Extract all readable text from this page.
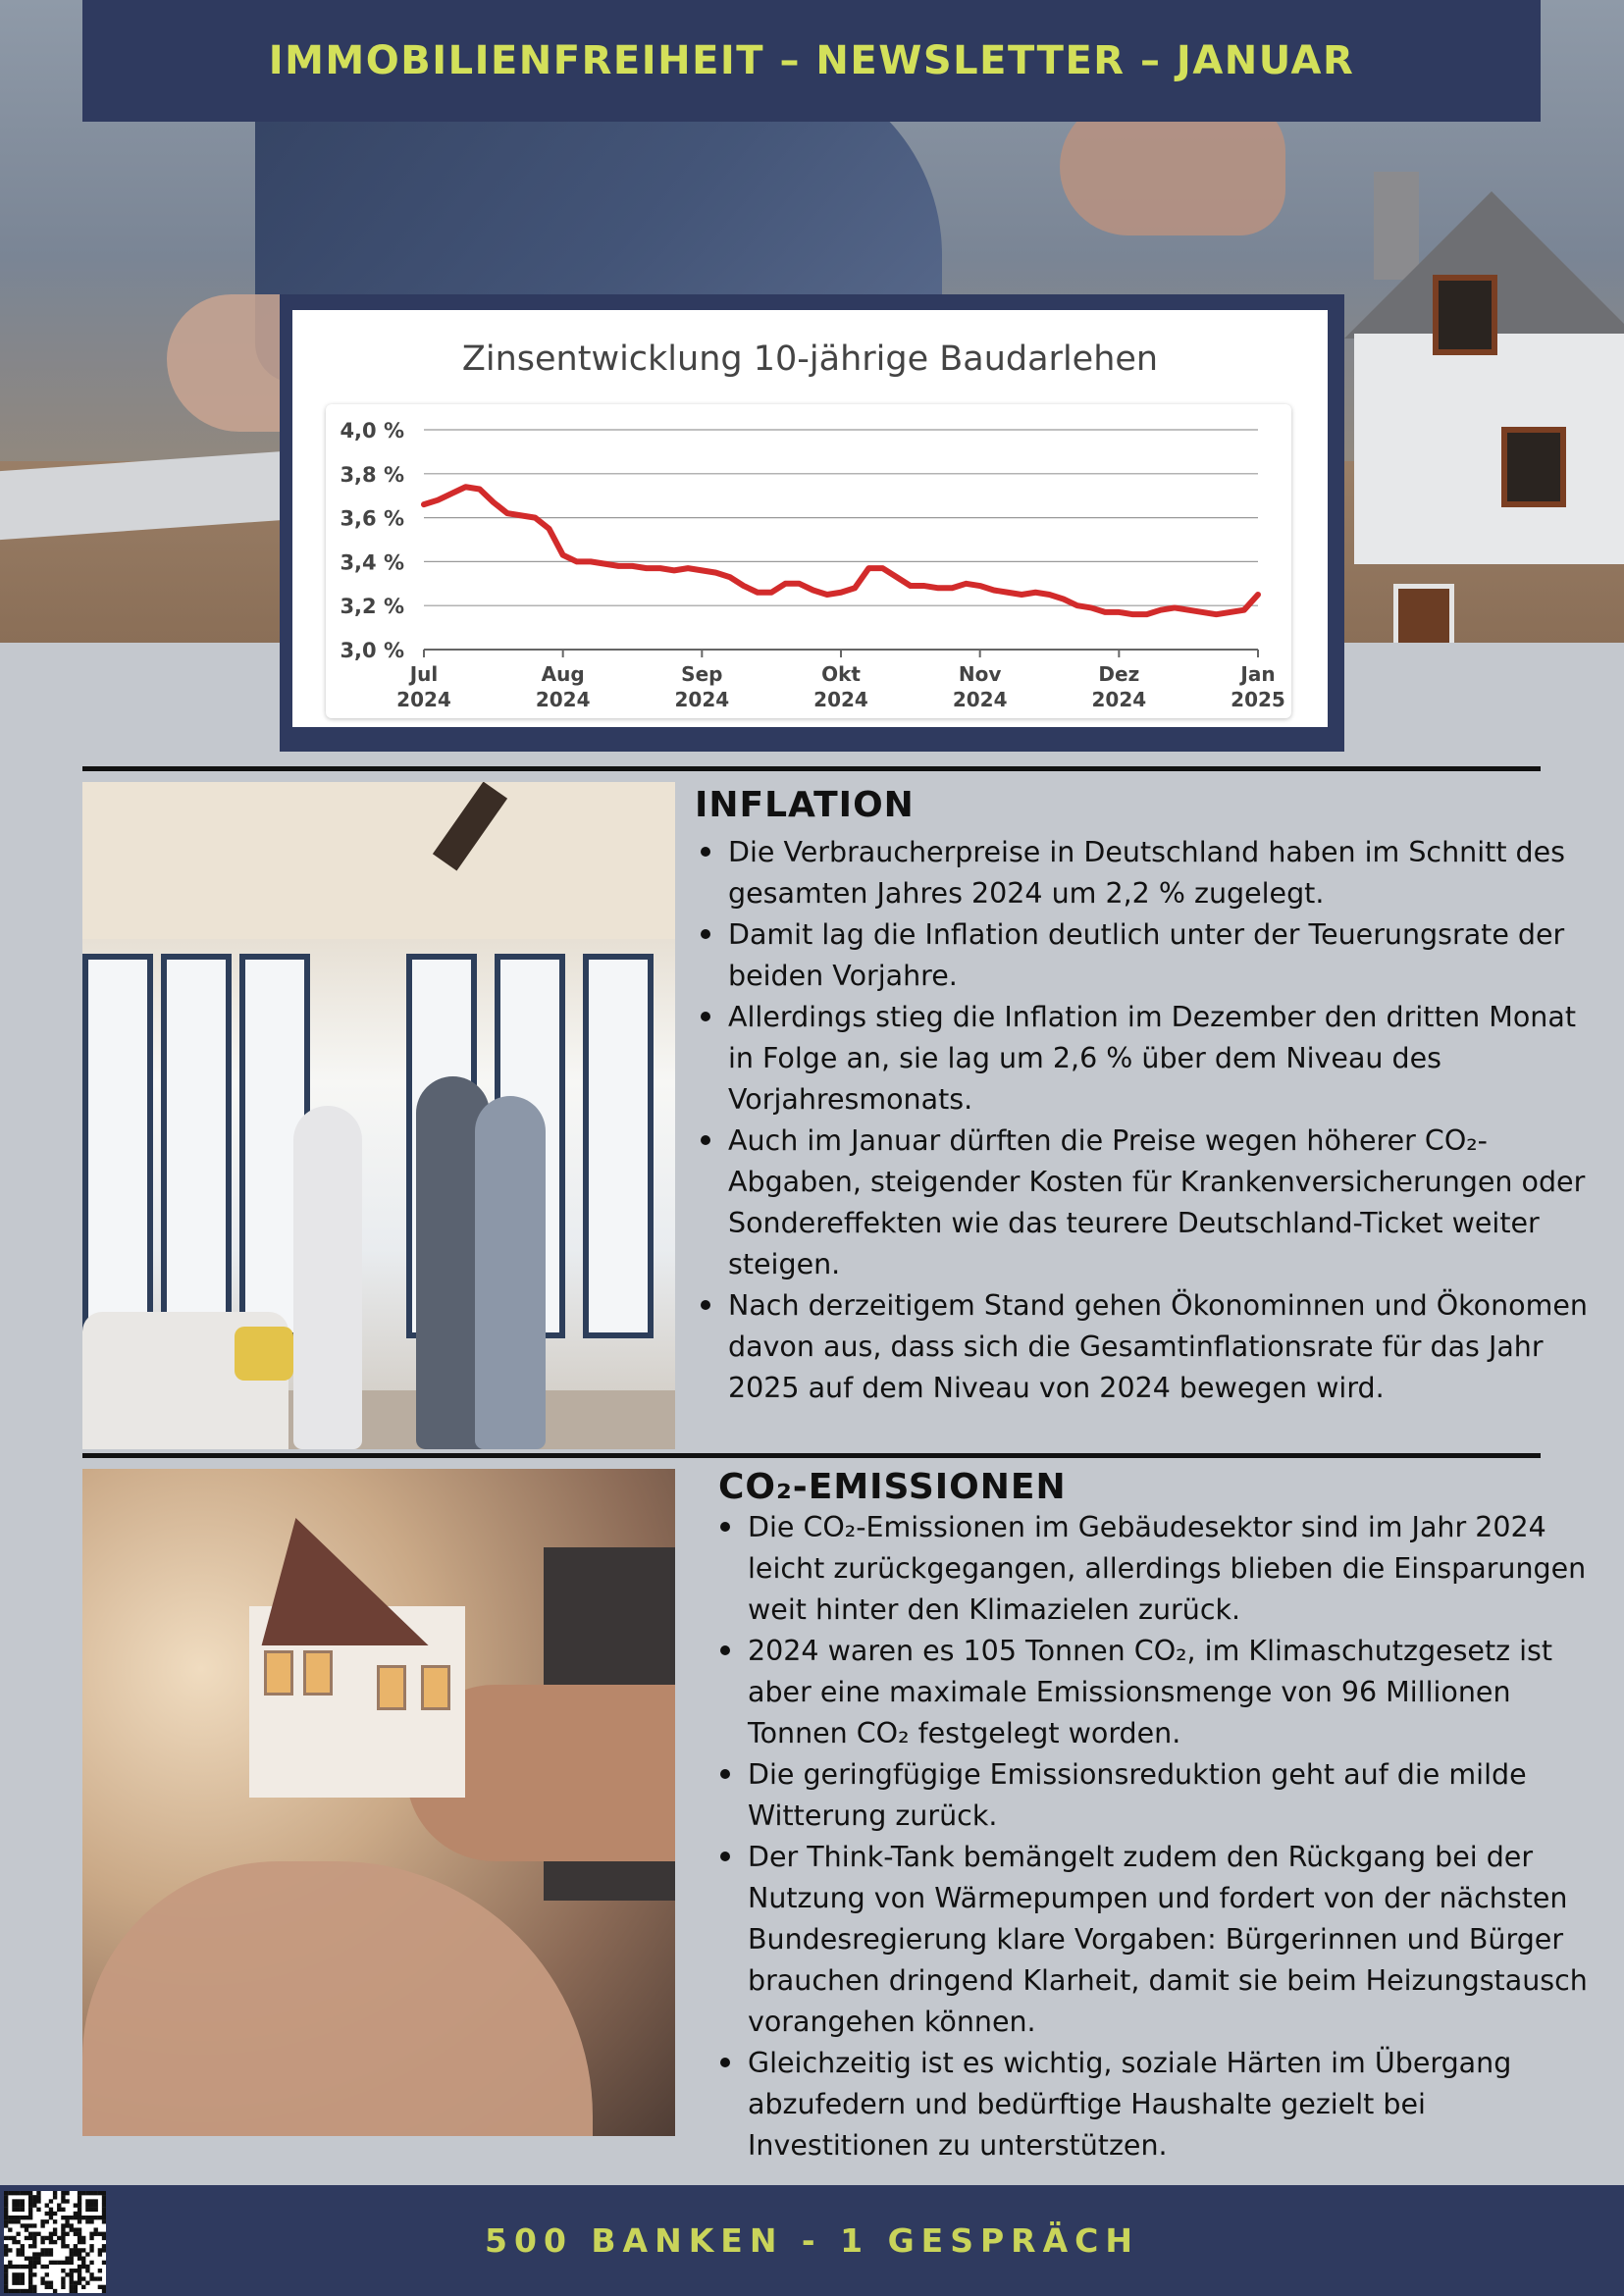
IMMOBILIENFREIHEIT – NEWSLETTER – JANUAR
Zinsentwicklung 10-jährige Baudarlehen
4,0 %
3,8 %
3,6 %
3,4 %
3,2 %
3,0 %
Jul
2024
Aug
2024
Sep
2024
Okt
2024
Nov
2024
Dez
2024
Jan
2025
INFLATION
Die Verbraucherpreise in Deutschland haben im Schnitt des gesamten Jahres 2024 um 2,2 % zugelegt.
Damit lag die Inflation deutlich unter der Teuerungsrate der beiden Vorjahre.
Allerdings stieg die Inflation im Dezember den dritten Monat in Folge an, sie lag um 2,6 % über dem Niveau des Vorjahresmonats.
Auch im Januar dürften die Preise wegen höherer CO₂-Abgaben, steigender Kosten für Krankenversicherungen oder Sondereffekten wie das teurere Deutschland-Ticket weiter steigen.
Nach derzeitigem Stand gehen Ökonominnen und Ökonomen davon aus, dass sich die Gesamtinflationsrate für das Jahr 2025 auf dem Niveau von 2024 bewegen wird.
CO₂-EMISSIONEN
Die CO₂-Emissionen im Gebäudesektor sind im Jahr 2024 leicht zurückgegangen, allerdings blieben die Einsparungen weit hinter den Klimazielen zurück.
2024 waren es 105 Tonnen CO₂, im Klimaschutzgesetz ist aber eine maximale Emissionsmenge von 96 Millionen Tonnen CO₂ festgelegt worden.
Die geringfügige Emissionsreduktion geht auf die milde Witterung zurück.
Der Think-Tank bemängelt zudem den Rückgang bei der Nutzung von Wärmepumpen und fordert von der nächsten Bundesregierung klare Vorgaben: Bürgerinnen und Bürger brauchen dringend Klarheit, damit sie beim Heizungstausch vorangehen können.
Gleichzeitig ist es wichtig, soziale Härten im Übergang abzufedern und bedürftige Haushalte gezielt bei Investitionen zu unterstützen.
500 BANKEN - 1 GESPRÄCH
